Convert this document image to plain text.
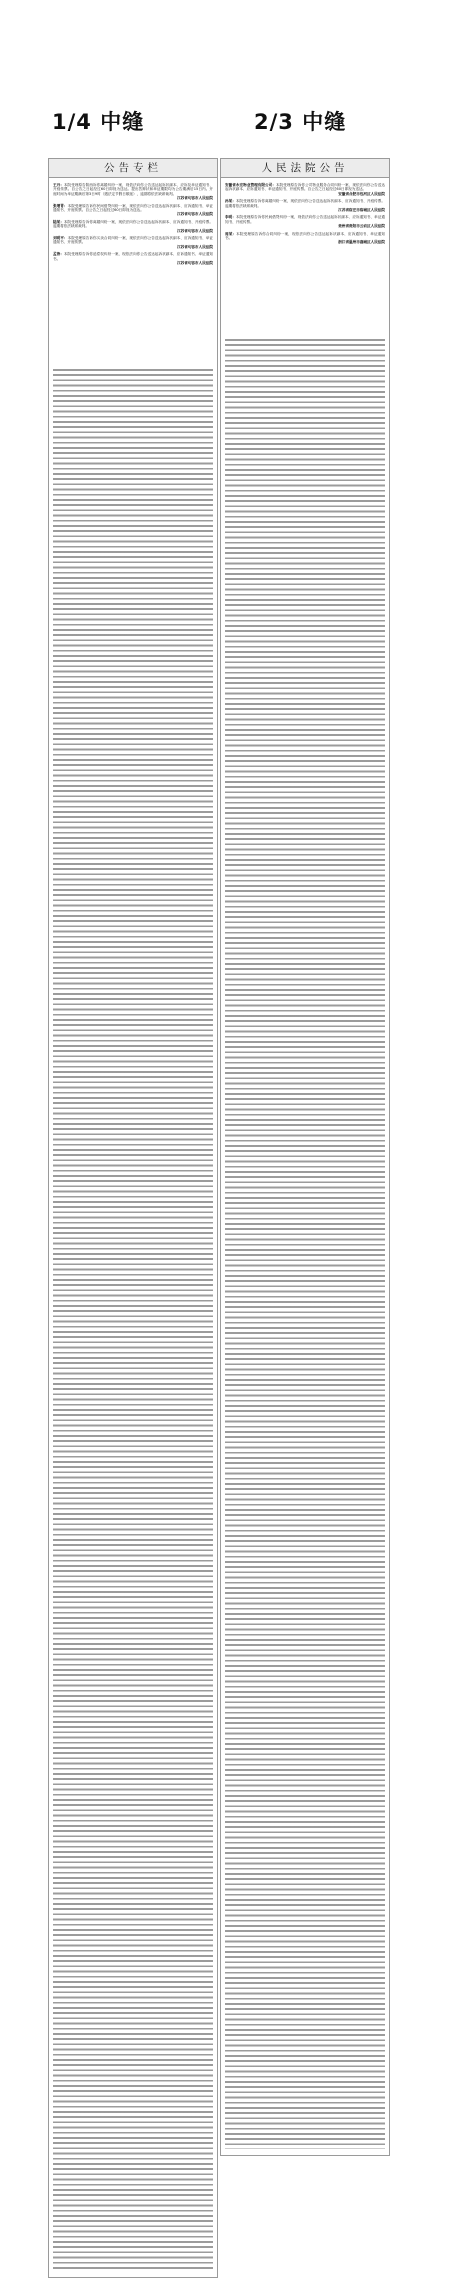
1/4 中缝	2/3 中缝
公告专栏
王丹：本院受理原告陕西诉你离婚纠纷一案，现依法向你公告送达起诉状副本、应诉及举证通知书、开庭传票。自公告之日起经过60日即视为送达。提出答辩状和举证期限均为公告期满后15日内。开庭时间为举证期满后第3日9时（遇法定节假日顺延），逾期将依法缺席裁判。
江苏省句容市人民法院
张增青：本院受理原告诉你民间借贷纠纷一案，现依法向你公告送达起诉状副本、应诉通知书、举证通知书、开庭传票。自公告之日起经过60日即视为送达。
江苏省句容市人民法院
陆某：本院受理原告诉你离婚纠纷一案，现依法向你公告送达起诉状副本、应诉通知书、开庭传票。逾期将依法缺席裁判。
江苏省句容市人民法院
刘明平：本院受理原告诉你买卖合同纠纷一案，现依法向你公告送达起诉状副本、应诉通知书、举证通知书、开庭传票。
江苏省句容市人民法院
孟涛：本院受理原告诉你追偿权纠纷一案，现依法向你公告送达起诉状副本、应诉通知书、举证通知书。
江苏省句容市人民法院
人民法院公告
安徽省永宏物业管理有限公司：本院受理原告诉你公司物业服务合同纠纷一案，现依法向你公告送达起诉状副本、应诉通知书、举证通知书、开庭传票。自公告之日起经过60日即视为送达。
安徽省合肥市包河区人民法院
孙某：本院受理原告诉你离婚纠纷一案，现依法向你公告送达起诉状副本、应诉通知书、开庭传票。逾期将依法缺席裁判。
江苏省宿迁市宿城区人民法院
李明：本院受理原告诉你民间借贷纠纷一案，现依法向你公告送达起诉状副本、应诉通知书、举证通知书、开庭传票。
贵州省贵阳市云岩区人民法院
周某：本院受理原告诉你合同纠纷一案，现依法向你公告送达起诉状副本、应诉通知书、举证通知书。
浙江省温州市鹿城区人民法院
